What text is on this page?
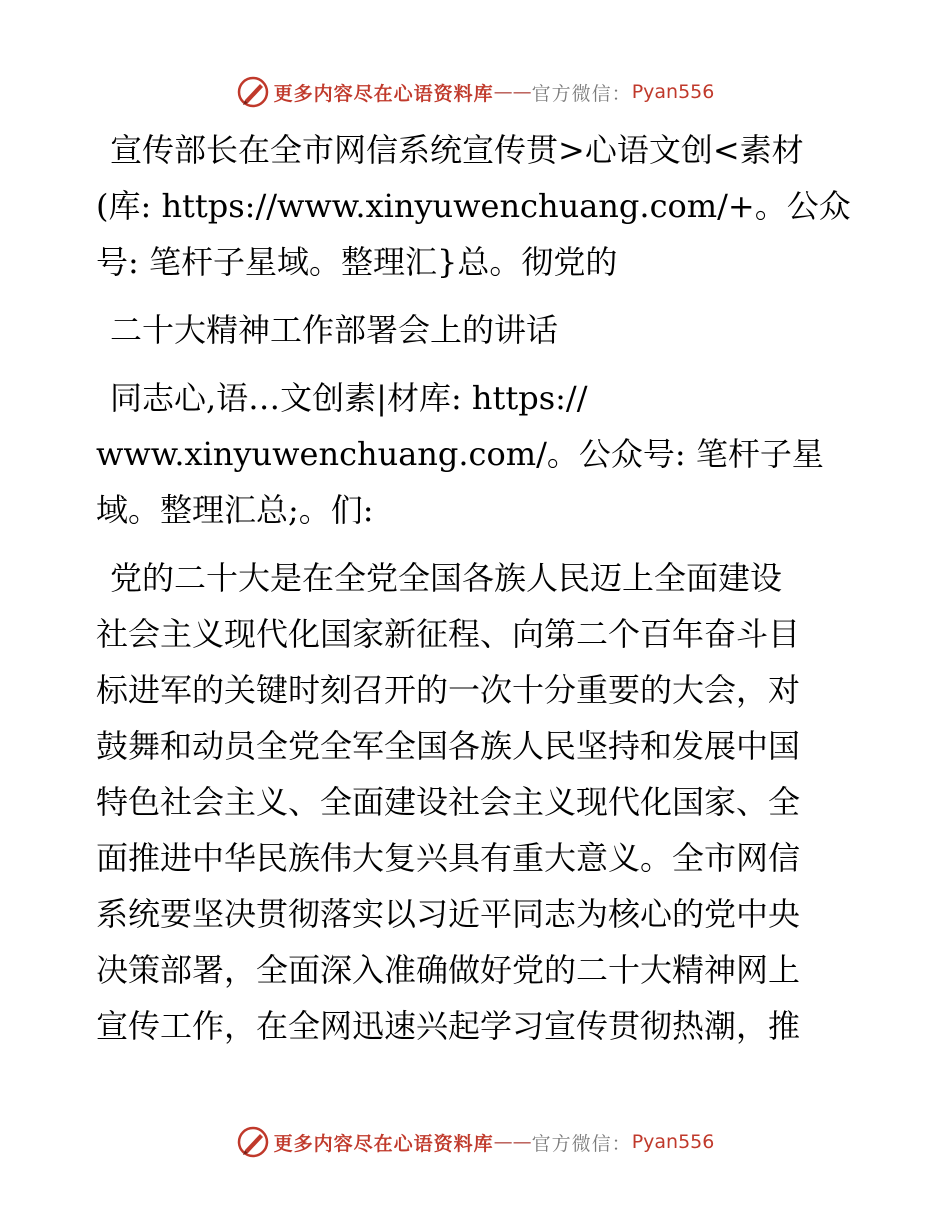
更多内容尽在心语资料库 —— 官方微信： Pyan556

宣传部长在全市网信系统宣传贯>心语文创<素材

(库: https://www.xinyuwenchuang.com/+。公众

号: 笔杆子星域。整理汇}总。彻党的

二十大精神工作部署会上的讲话

同志心,语…文创素|材库: https://

www.xinyuwenchuang.com/。公众号: 笔杆子星

域。整理汇总;。们:

党的二十大是在全党全国各族人民迈上全面建设

社会主义现代化国家新征程、向第二个百年奋斗目

标进军的关键时刻召开的一次十分重要的大会，对

鼓舞和动员全党全军全国各族人民坚持和发展中国

特色社会主义、全面建设社会主义现代化国家、全

面推进中华民族伟大复兴具有重大意义。全市网信

系统要坚决贯彻落实以习近平同志为核心的党中央

决策部署，全面深入准确做好党的二十大精神网上

宣传工作，在全网迅速兴起学习宣传贯彻热潮，推

更多内容尽在心语资料库 —— 官方微信： Pyan556
